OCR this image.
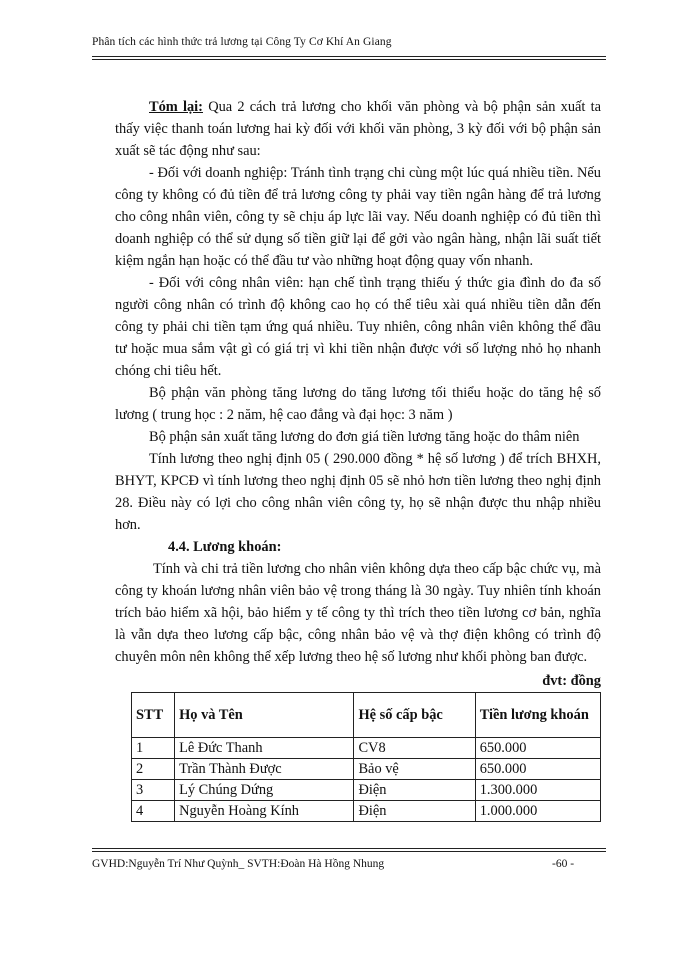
Phân tích các hình thức trả lương tại Công Ty Cơ Khí An Giang

Tóm lại: Qua 2 cách trả lương cho khối văn phòng và bộ phận sản xuất ta thấy việc thanh toán lương hai kỳ đối với khối văn phòng, 3 kỳ đối với bộ phận sản xuất sẽ tác động như sau:

- Đối với doanh nghiệp: Tránh tình trạng chi cùng một lúc quá nhiều tiền. Nếu công ty không có đủ tiền để trả lương công ty phải vay tiền ngân hàng để trả lương cho công nhân viên, công ty sẽ chịu áp lực lãi vay. Nếu doanh nghiệp có đủ tiền thì doanh nghiệp có thể sử dụng số tiền giữ lại để gởi vào ngân hàng, nhận lãi suất tiết kiệm ngắn hạn hoặc có thể đầu tư vào những hoạt động quay vốn nhanh.

- Đối với công nhân viên: hạn chế tình trạng thiếu ý thức gia đình do đa số người công nhân có trình độ không cao họ có thể tiêu xài quá nhiều tiền dẫn đến công ty phải chi tiền tạm ứng quá nhiều. Tuy nhiên, công nhân viên không thể đầu tư hoặc mua sắm vật gì có giá trị vì khi tiền nhận được với số lượng nhỏ họ nhanh chóng chi tiêu hết.

Bộ phận văn phòng tăng lương do tăng lương tối thiểu hoặc do tăng hệ số lương ( trung học : 2 năm, hệ cao đẳng và đại học: 3 năm )

Bộ phận sản xuất tăng lương do đơn giá tiền lương tăng hoặc do thâm niên

Tính lương theo nghị định 05 ( 290.000 đồng * hệ số lương ) để trích BHXH, BHYT, KPCĐ vì tính lương theo nghị định 05 sẽ nhỏ hơn tiền lương theo nghị định 28. Điều này có lợi cho công nhân viên công ty, họ sẽ nhận được thu nhập nhiều hơn.

4.4. Lương khoán:

Tính và chi trả tiền lương cho nhân viên không dựa theo cấp bậc chức vụ, mà công ty khoán lương nhân viên bảo vệ trong tháng là 30 ngày. Tuy nhiên tính khoán trích bảo hiểm xã hội, bảo hiểm y tế công ty thì trích theo tiền lương cơ bản, nghĩa là vẫn dựa theo lương cấp bậc, công nhân bảo vệ và thợ điện không có trình độ chuyên môn nên không thể xếp lương theo hệ số lương như khối phòng ban được.

đvt: đồng

STT	Họ và Tên	Hệ số cấp bậc	Tiền lương khoán
1	Lê Đức Thanh	CV8	650.000
2	Trần Thành Được	Bảo vệ	650.000
3	Lý Chúng Dứng	Điện	1.300.000
4	Nguyễn Hoàng Kính	Điện	1.000.000
GVHD:Nguyễn Trí Như Quỳnh_ SVTH:Đoàn Hà Hồng Nhung	-60 -
